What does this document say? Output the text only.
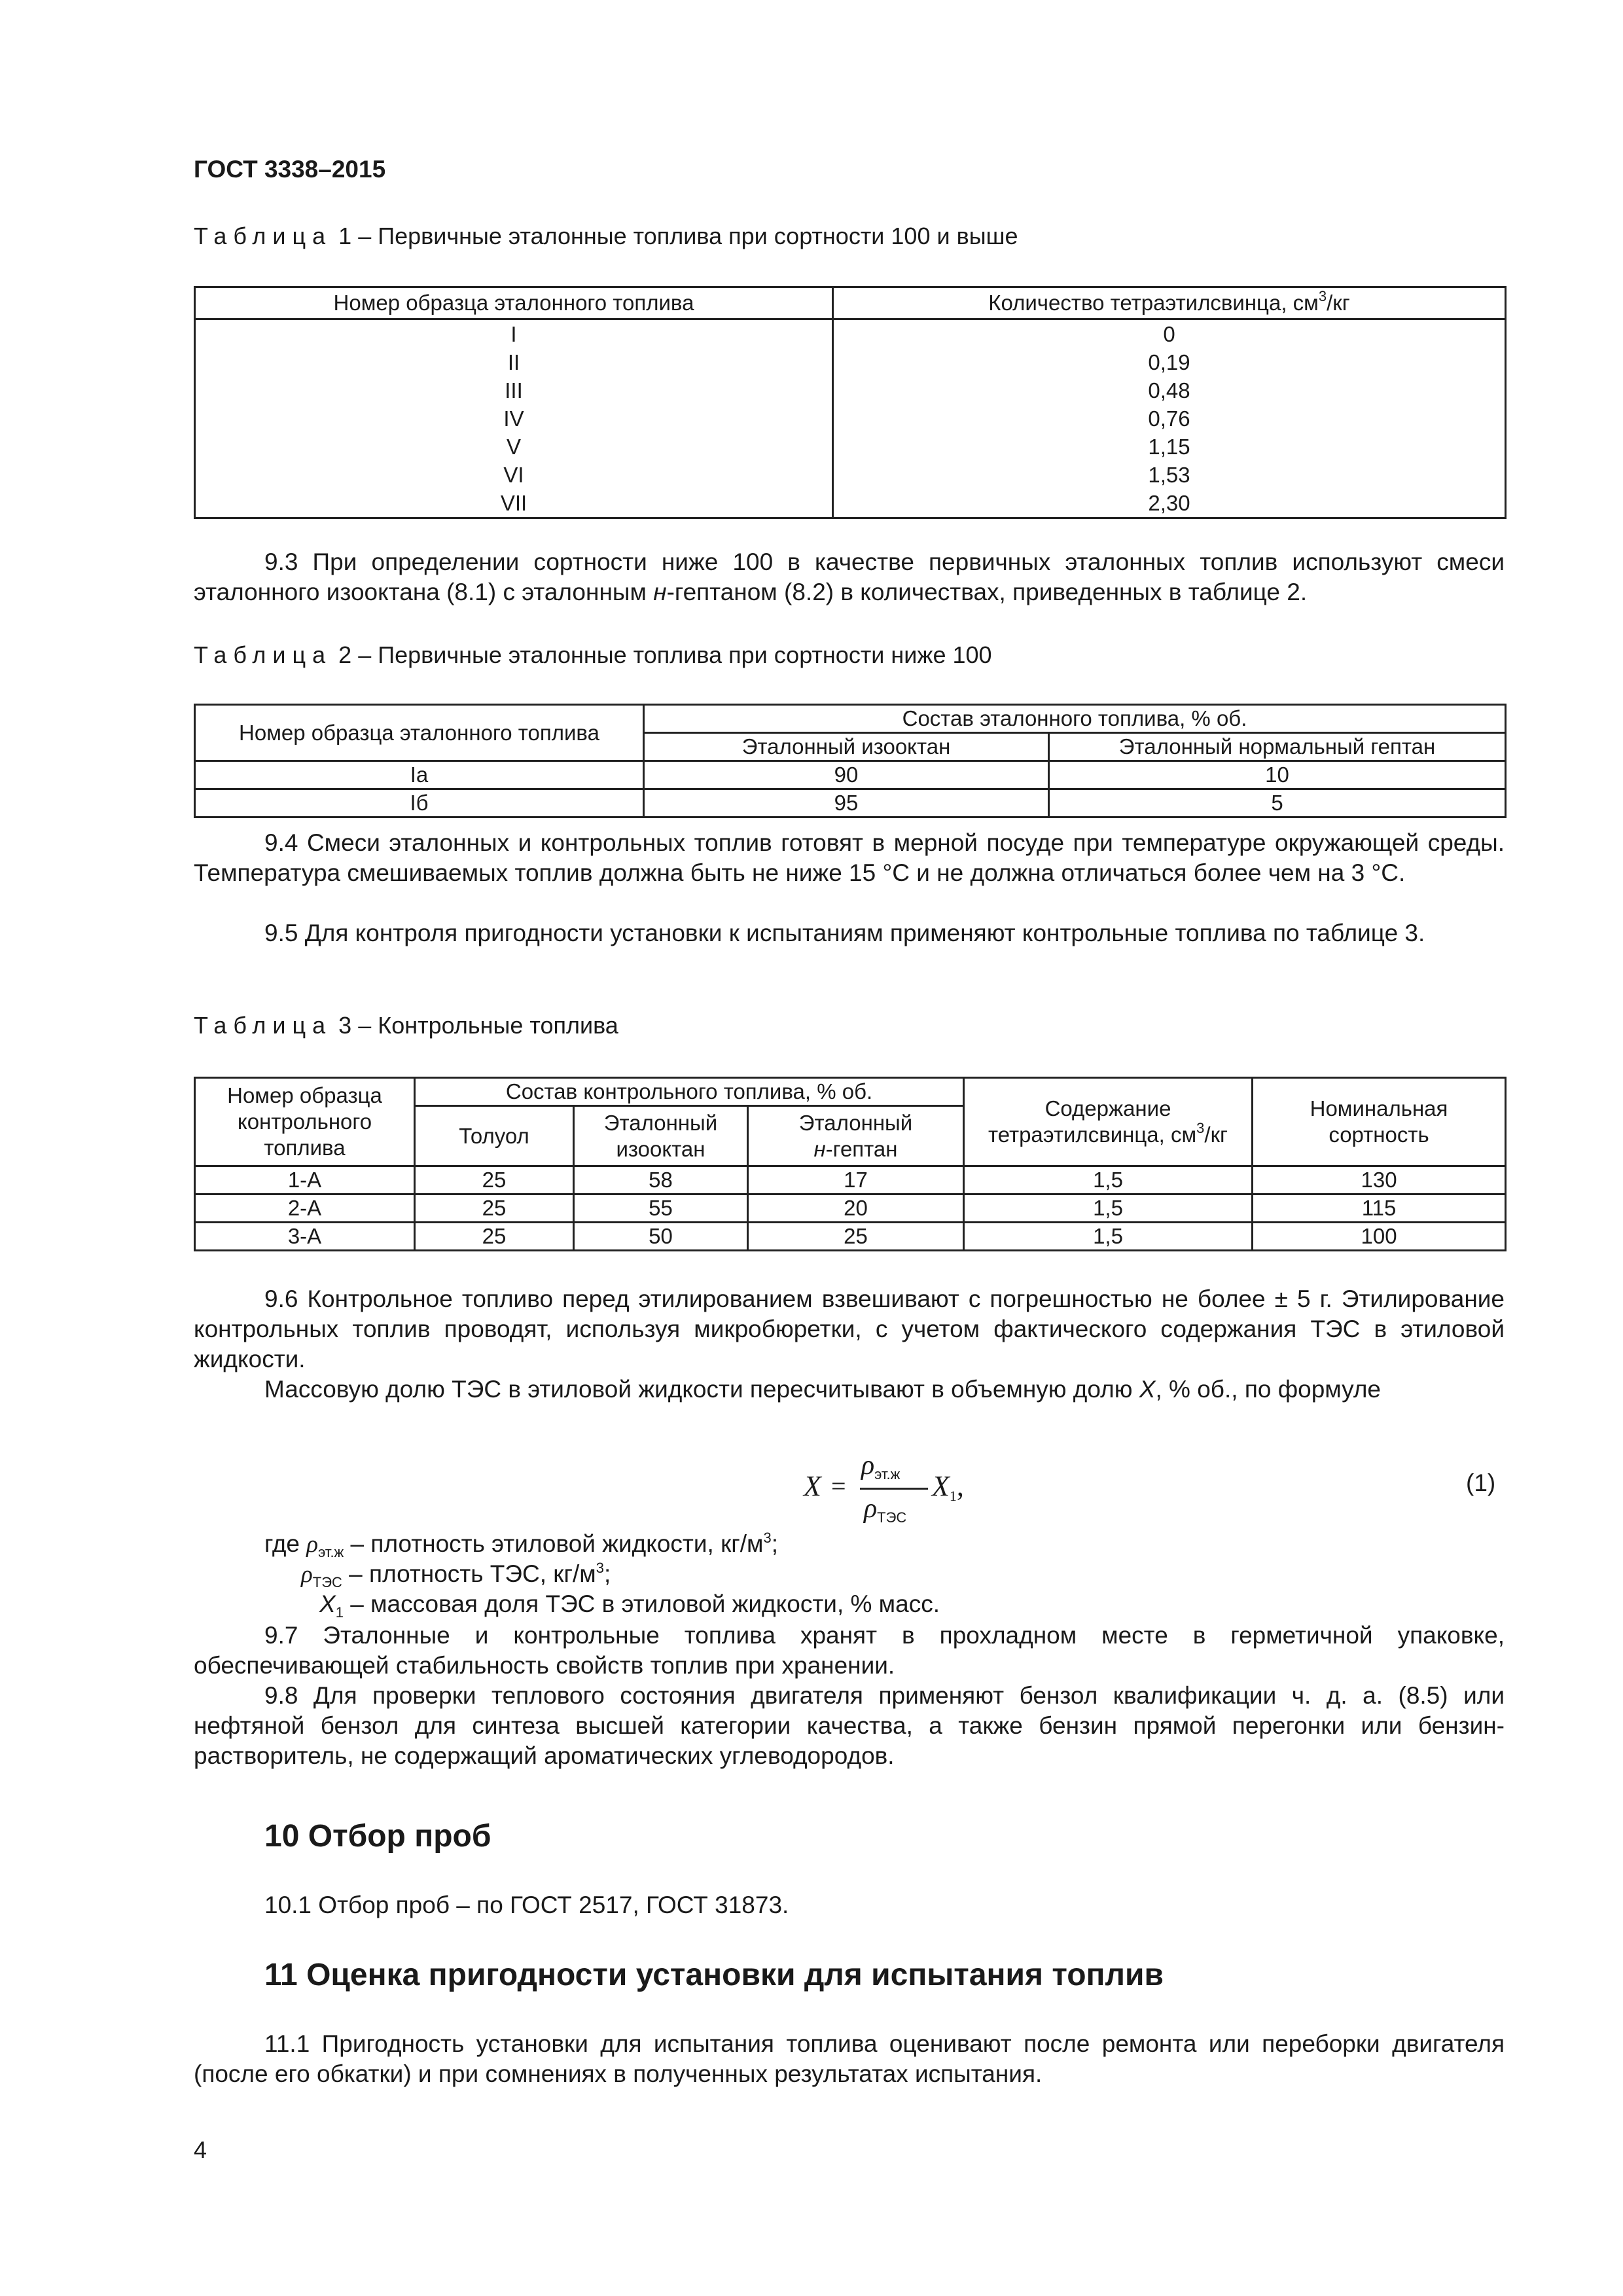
ГОСТ 3338–2015
Таблица 1 – Первичные эталонные топлива при сортности 100 и выше
Номер образца эталонного топлива	Количество тетраэтилсвинца, $см^3/кг$
I	0
II	0,19
III	0,48
IV	0,76
V	1,15
VI	1,53
VII	2,30
9.3 При определении сортности ниже 100 в качестве первичных эталонных топлив используют смеси эталонного изооктана (8.1) с эталонным н-гептаном (8.2) в количествах, приведенных в таблице 2.
Таблица 2 – Первичные эталонные топлива при сортности ниже 100
Номер образца эталонного топлива	Состав эталонного топлива, % об.	
	Эталонный изооктан	Эталонный нормальный гептан
Iа	90	10
Iб	95	5
9.4 Смеси эталонных и контрольных топлив готовят в мерной посуде при температуре окружающей среды. Температура смешиваемых топлив должна быть не ниже 15 °С и не должна отличаться более чем на 3 °С.
9.5 Для контроля пригодности установки к испытаниям применяют контрольные топлива по таблице 3.
Таблица 3 – Контрольные топлива
Номер образца контрольного топлива	Состав контрольного топлива, % об.			Содержание тетраэтилсвинца, $см^3/кг$	Номинальная сортность
	Толуол	Эталонный изооктан	Эталонный
н-гептан		
1-А	25	58	17	1,5	130
2-А	25	55	20	1,5	115
3-А	25	50	25	1,5	100
9.6 Контрольное топливо перед этилированием взвешивают с погрешностью не более ± 5 г. Этилирование контрольных топлив проводят, используя микробюретки, с учетом фактического содержания ТЭС в этиловой жидкости.
Массовую долю ТЭС в этиловой жидкости пересчитывают в объемную долю X, % об., по формуле
X =
$\rho_{эт.ж}$
$\rho_{ТЭС}$
$X_1$,	(1)
где $\rho_{эт.ж}$ – плотность этиловой жидкости, $кг/м^3$;
$\rho_{ТЭС}$ – плотность ТЭС, $кг/м^3$;
$X_1$ – массовая доля ТЭС в этиловой жидкости, % масс.
9.7 Эталонные и контрольные топлива хранят в прохладном месте в герметичной упаковке, обеспечивающей стабильность свойств топлив при хранении.
9.8 Для проверки теплового состояния двигателя применяют бензол квалификации ч. д. а. (8.5) или нефтяной бензол для синтеза высшей категории качества, а также бензин прямой перегонки или бензин-растворитель, не содержащий ароматических углеводородов.
10 Отбор проб
10.1 Отбор проб – по ГОСТ 2517, ГОСТ 31873.
11 Оценка пригодности установки для испытания топлив
11.1 Пригодность установки для испытания топлива оценивают после ремонта или переборки двигателя (после его обкатки) и при сомнениях в полученных результатах испытания.
4
